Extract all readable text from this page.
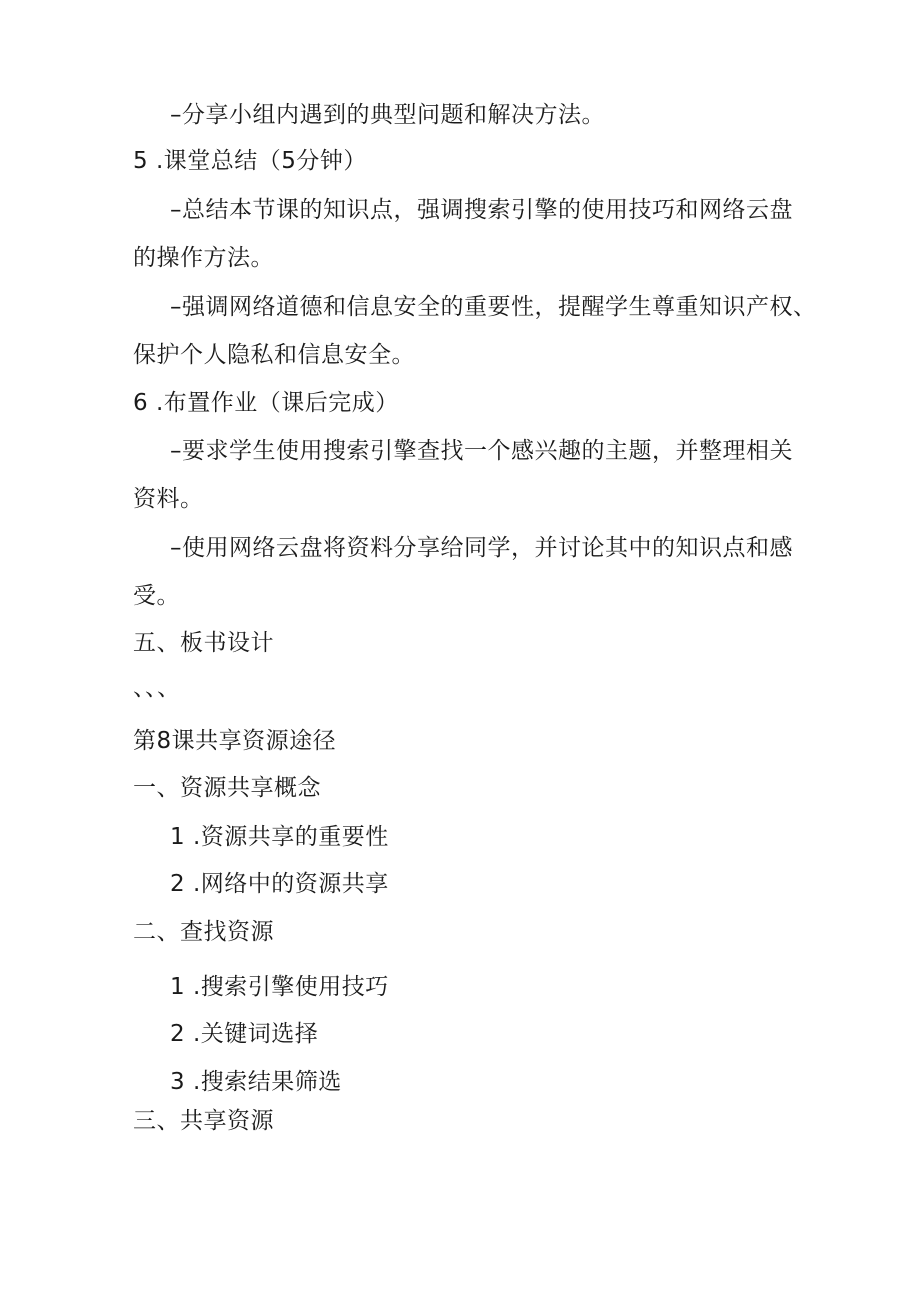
–分享小组内遇到的典型问题和解决方法。
5 .课堂总结（5分钟）
–总结本节课的知识点，强调搜索引擎的使用技巧和网络云盘
的操作方法。
–强调网络道德和信息安全的重要性，提醒学生尊重知识产权、
保护个人隐私和信息安全。
6 .布置作业（课后完成）
–要求学生使用搜索引擎查找一个感兴趣的主题，并整理相关
资料。
–使用网络云盘将资料分享给同学，并讨论其中的知识点和感
受。
五、板书设计
、、、
第8课共享资源途径
一、资源共享概念
1 .资源共享的重要性
2 .网络中的资源共享
二、查找资源
1 .搜索引擎使用技巧
2 .关键词选择
3 .搜索结果筛选
三、共享资源
